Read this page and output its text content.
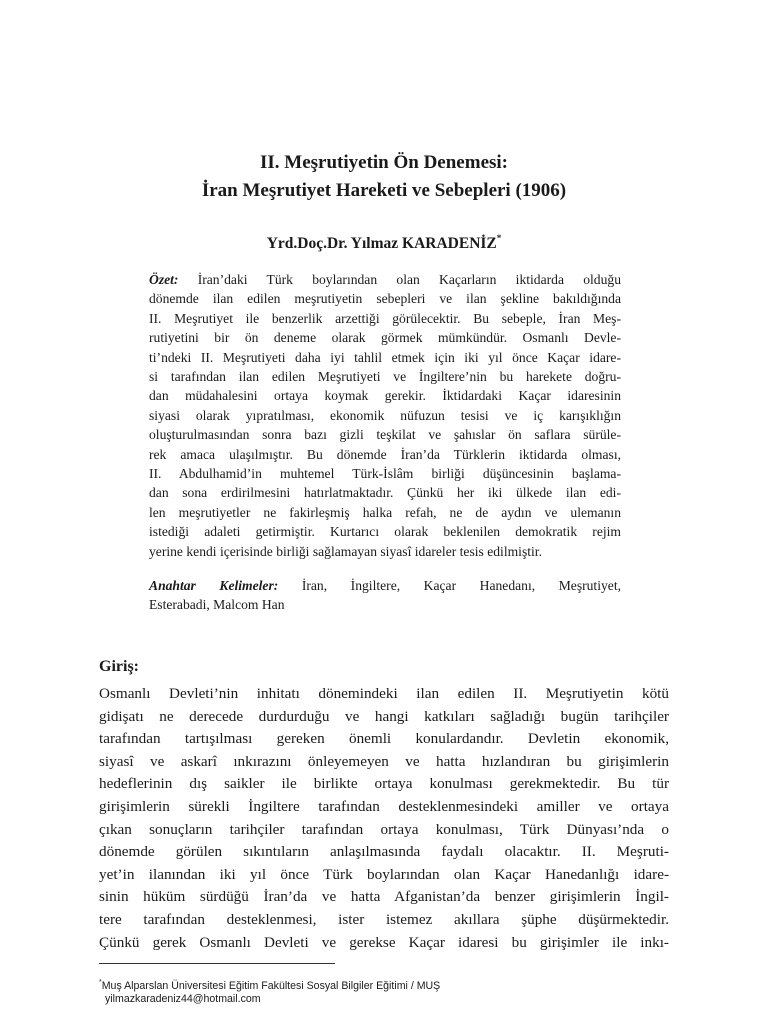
II. Meşrutiyetin Ön Denemesi:
İran Meşrutiyet Hareketi ve Sebepleri (1906)
Yrd.Doç.Dr. Yılmaz KARADENİZ*
Özet: İran’daki Türk boylarından olan Kaçarların iktidarda olduğu
dönemde ilan edilen meşrutiyetin sebepleri ve ilan şekline bakıldığında
II. Meşrutiyet ile benzerlik arzettiği görülecektir. Bu sebeple, İran Meş-
rutiyetini bir ön deneme olarak görmek mümkündür. Osmanlı Devle-
ti’ndeki II. Meşrutiyeti daha iyi tahlil etmek için iki yıl önce Kaçar idare-
si tarafından ilan edilen Meşrutiyeti ve İngiltere’nin bu harekete doğru-
dan müdahalesini ortaya koymak gerekir. İktidardaki Kaçar idaresinin
siyasi olarak yıpratılması, ekonomik nüfuzun tesisi ve iç karışıklığın
oluşturulmasından sonra bazı gizli teşkilat ve şahıslar ön saflara sürüle-
rek amaca ulaşılmıştır. Bu dönemde İran’da Türklerin iktidarda olması,
II. Abdulhamid’in muhtemel Türk-İslâm birliği düşüncesinin başlama-
dan sona erdirilmesini hatırlatmaktadır. Çünkü her iki ülkede ilan edi-
len meşrutiyetler ne fakirleşmiş halka refah, ne de aydın ve ulemanın
istediği adaleti getirmiştir. Kurtarıcı olarak beklenilen demokratik rejim
yerine kendi içerisinde birliği sağlamayan siyasî idareler tesis edilmiştir.
Anahtar Kelimeler: İran, İngiltere, Kaçar Hanedanı, Meşrutiyet,
Esterabadi, Malcom Han
Giriş:
Osmanlı Devleti’nin inhitatı dönemindeki ilan edilen II. Meşrutiyetin kötü
gidişatı ne derecede durdurduğu ve hangi katkıları sağladığı bugün tarihçiler
tarafından tartışılması gereken önemli konulardandır. Devletin ekonomik,
siyasî ve askarî ınkırazını önleyemeyen ve hatta hızlandıran bu girişimlerin
hedeflerinin dış saikler ile birlikte ortaya konulması gerekmektedir. Bu tür
girişimlerin sürekli İngiltere tarafından desteklenmesindeki amiller ve ortaya
çıkan sonuçların tarihçiler tarafından ortaya konulması, Türk Dünyası’nda o
dönemde görülen sıkıntıların anlaşılmasında faydalı olacaktır. II. Meşruti-
yet’in ilanından iki yıl önce Türk boylarından olan Kaçar Hanedanlığı idare-
sinin hüküm sürdüğü İran’da ve hatta Afganistan’da benzer girişimlerin İngil-
tere tarafından desteklenmesi, ister istemez akıllara şüphe düşürmektedir.
Çünkü gerek Osmanlı Devleti ve gerekse Kaçar idaresi bu girişimler ile inkı-
*Muş Alparslan Üniversitesi Eğitim Fakültesi Sosyal Bilgiler Eğitimi / MUŞ
yilmazkaradeniz44@hotmail.com
